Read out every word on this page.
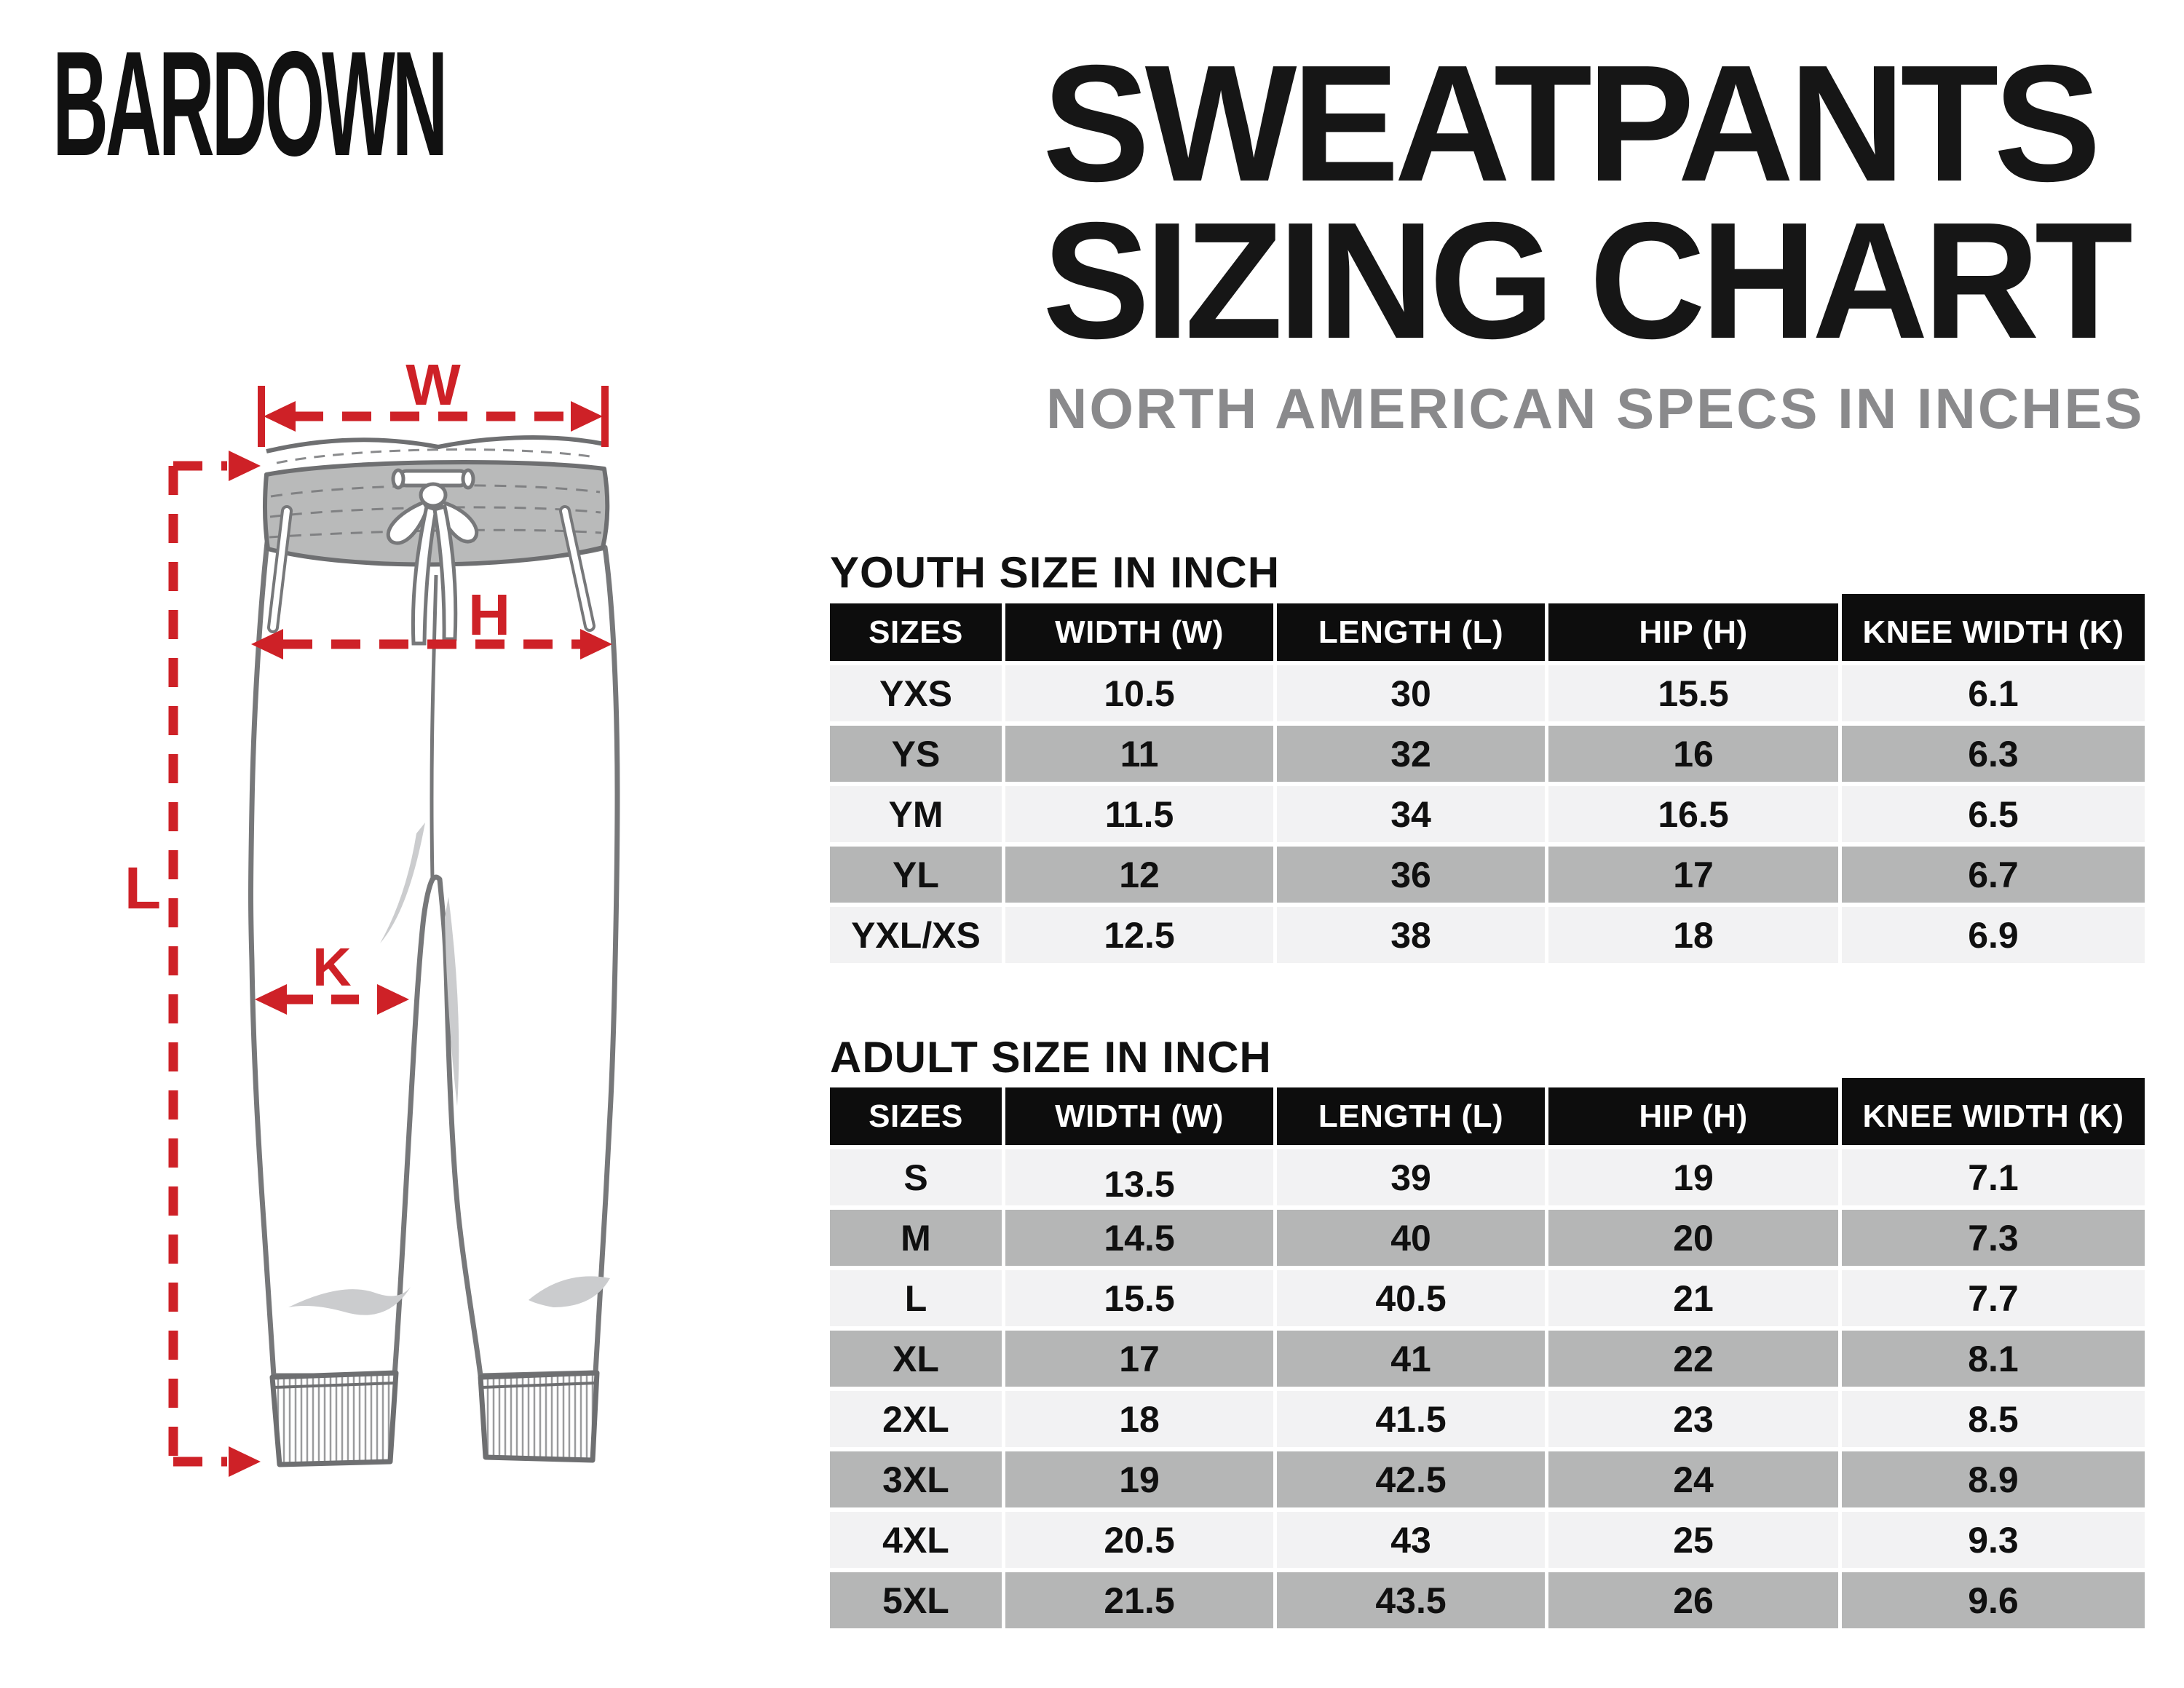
BARDOWN	SWEATPANTS
SIZING CHART
NORTH AMERICAN SPECS IN INCHES
W
H
L
K
YOUTH SIZE IN INCH
SIZES	WIDTH (W)	LENGTH (L)	HIP (H)	KNEE WIDTH (K)
YXS	10.5	30	15.5	6.1
YS	11	32	16	6.3
YM	11.5	34	16.5	6.5
YL	12	36	17	6.7
YXL/XS	12.5	38	18	6.9
ADULT SIZE IN INCH
SIZES	WIDTH (W)	LENGTH (L)	HIP (H)	KNEE WIDTH (K)
S	13.5	39	19	7.1
M	14.5	40	20	7.3
L	15.5	40.5	21	7.7
XL	17	41	22	8.1
2XL	18	41.5	23	8.5
3XL	19	42.5	24	8.9
4XL	20.5	43	25	9.3
5XL	21.5	43.5	26	9.6
